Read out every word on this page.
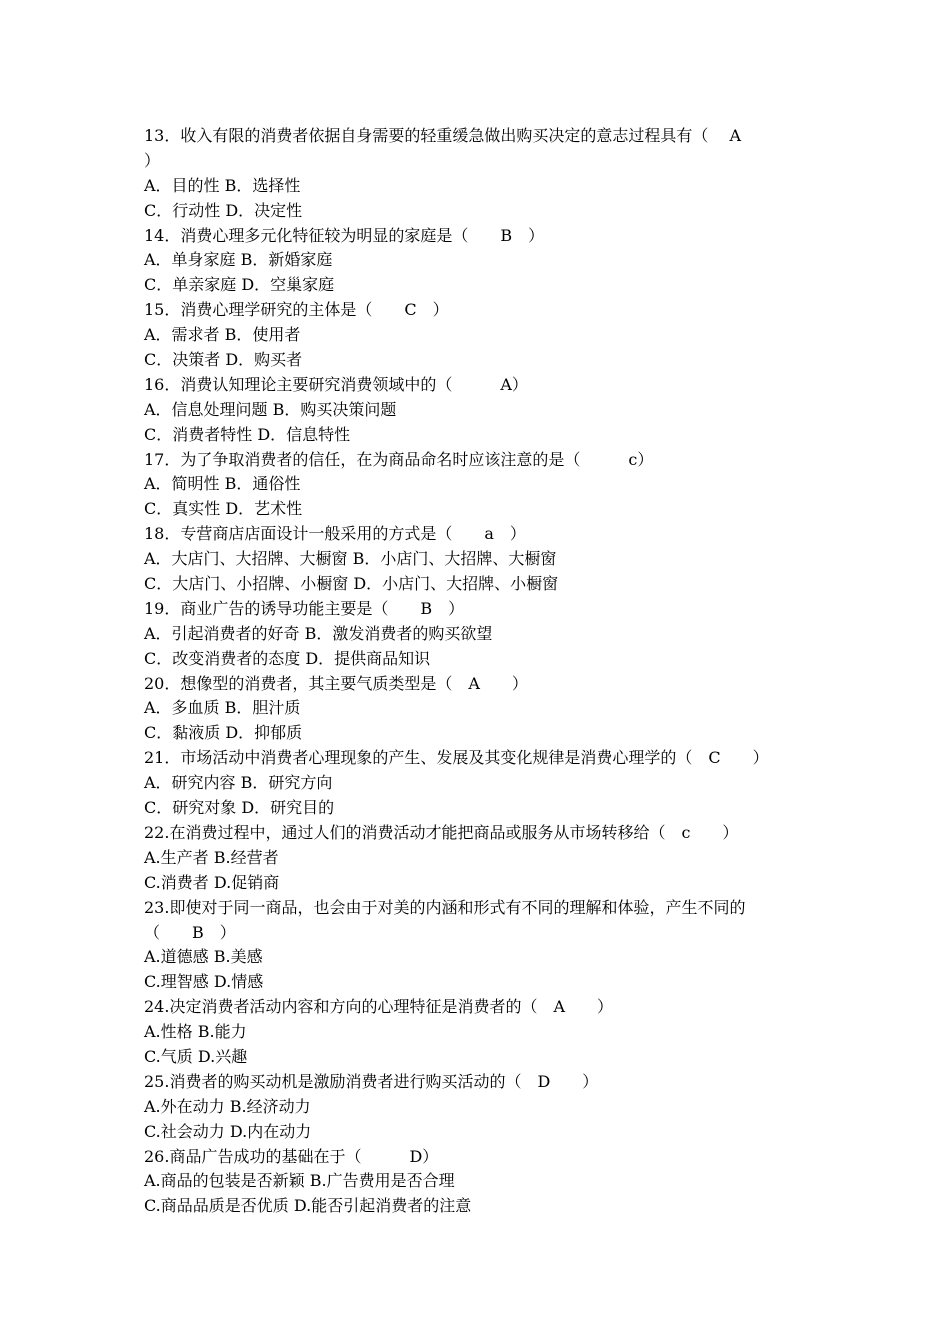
13．收入有限的消费者依据自身需要的轻重缓急做出购买决定的意志过程具有（　 A
）
A．目的性 B．选择性
C．行动性 D．决定性
14．消费心理多元化特征较为明显的家庭是（　　B　）
A．单身家庭 B．新婚家庭
C．单亲家庭 D．空巢家庭
15．消费心理学研究的主体是（　　C　）
A．需求者 B．使用者
C．决策者 D．购买者
16．消费认知理论主要研究消费领域中的（　　　A）
A．信息处理问题 B．购买决策问题
C．消费者特性 D．信息特性
17．为了争取消费者的信任，在为商品命名时应该注意的是（　　　c）
A．简明性 B．通俗性
C．真实性 D．艺术性
18．专营商店店面设计一般采用的方式是（　　a　）
A．大店门、大招牌、大橱窗 B．小店门、大招牌、大橱窗
C．大店门、小招牌、小橱窗 D．小店门、大招牌、小橱窗
19．商业广告的诱导功能主要是（　　B　）
A．引起消费者的好奇 B．激发消费者的购买欲望
C．改变消费者的态度 D．提供商品知识
20．想像型的消费者，其主要气质类型是（　A　　）
A．多血质 B．胆汁质
C．黏液质 D．抑郁质
21．市场活动中消费者心理现象的产生、发展及其变化规律是消费心理学的（　C　　）
A．研究内容 B．研究方向
C．研究对象 D．研究目的
22.在消费过程中，通过人们的消费活动才能把商品或服务从市场转移给（　c　　）
A.生产者 B.经营者
C.消费者 D.促销商
23.即使对于同一商品，也会由于对美的内涵和形式有不同的理解和体验，产生不同的
（　　B　）
A.道德感 B.美感
C.理智感 D.情感
24.决定消费者活动内容和方向的心理特征是消费者的（　A　　）
A.性格 B.能力
C.气质 D.兴趣
25.消费者的购买动机是激励消费者进行购买活动的（　D　　）
A.外在动力 B.经济动力
C.社会动力 D.内在动力
26.商品广告成功的基础在于（　　　D）
A.商品的包装是否新颖 B.广告费用是否合理
C.商品品质是否优质 D.能否引起消费者的注意
